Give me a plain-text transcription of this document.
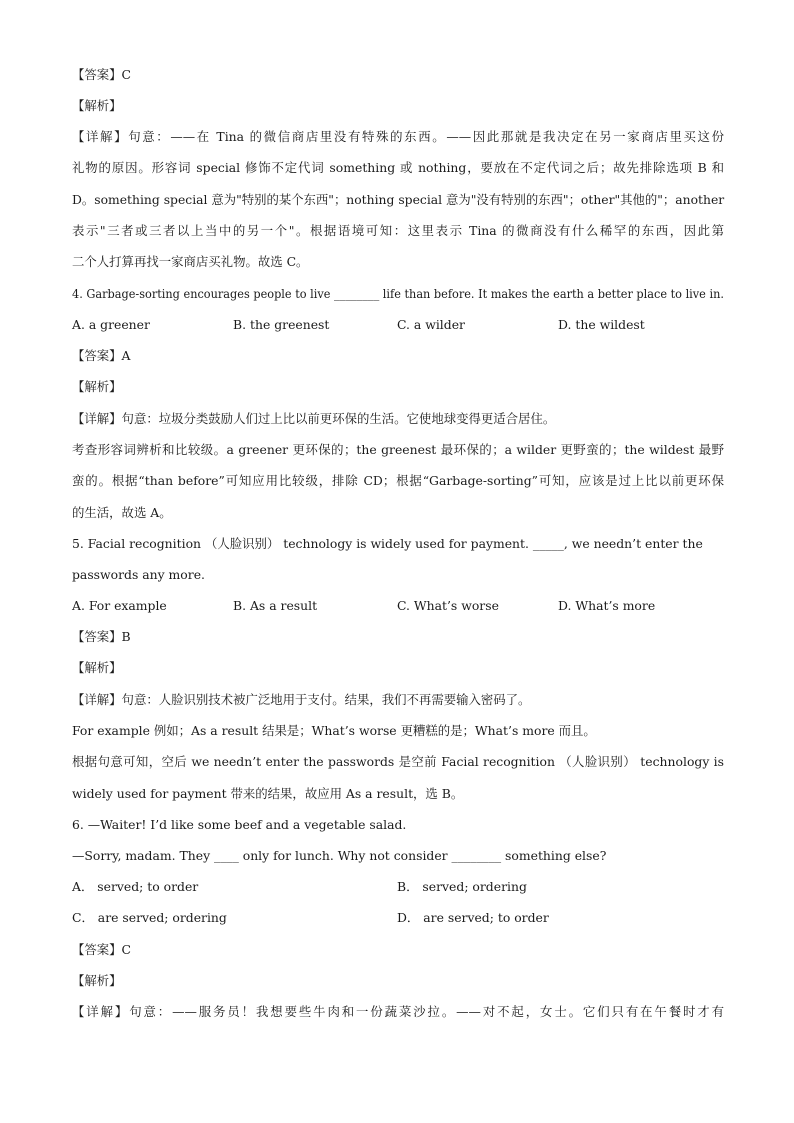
【答案】C
【解析】
【详解】句意：——在 Tina 的微信商店里没有特殊的东西。——因此那就是我决定在另一家商店里买这份
礼物的原因。形容词 special 修饰不定代词 something 或 nothing，要放在不定代词之后；故先排除选项 B 和
D。something special 意为"特别的某个东西"；nothing special 意为"没有特别的东西"；other"其他的"；another
表示"三者或三者以上当中的另一个"。根据语境可知：这里表示 Tina 的微商没有什么稀罕的东西，因此第
二个人打算再找一家商店买礼物。故选 C。
4. Garbage-sorting encourages people to live ________ life than before. It makes the earth a better place to live in.
A. a greener	B. the greenest	C. a wilder	D. the wildest
【答案】A
【解析】
【详解】句意：垃圾分类鼓励人们过上比以前更环保的生活。它使地球变得更适合居住。
考查形容词辨析和比较级。a greener 更环保的；the greenest 最环保的；a wilder 更野蛮的；the wildest 最野
蛮的。根据“than before”可知应用比较级，排除 CD；根据“Garbage-sorting”可知，应该是过上比以前更环保
的生活，故选 A。
5. Facial recognition （人脸识别） technology is widely used for payment. _____, we needn’t enter the
passwords any more.
A. For example	B. As a result	C. What’s worse	D. What’s more
【答案】B
【解析】
【详解】句意：人脸识别技术被广泛地用于支付。结果，我们不再需要输入密码了。
For example 例如；As a result 结果是；What’s worse 更糟糕的是；What’s more 而且。
根据句意可知，空后 we needn’t enter the passwords 是空前 Facial recognition （人脸识别） technology is
widely used for payment 带来的结果，故应用 As a result，选 B。
6. —Waiter! I’d like some beef and a vegetable salad.
—Sorry, madam. They ____ only for lunch. Why not consider ________ something else?
A． served; to order	B． served; ordering
C． are served; ordering	D． are served; to order
【答案】C
【解析】
【详解】句意：——服务员！我想要些牛肉和一份蔬菜沙拉。——对不起，女士。它们只有在午餐时才有
